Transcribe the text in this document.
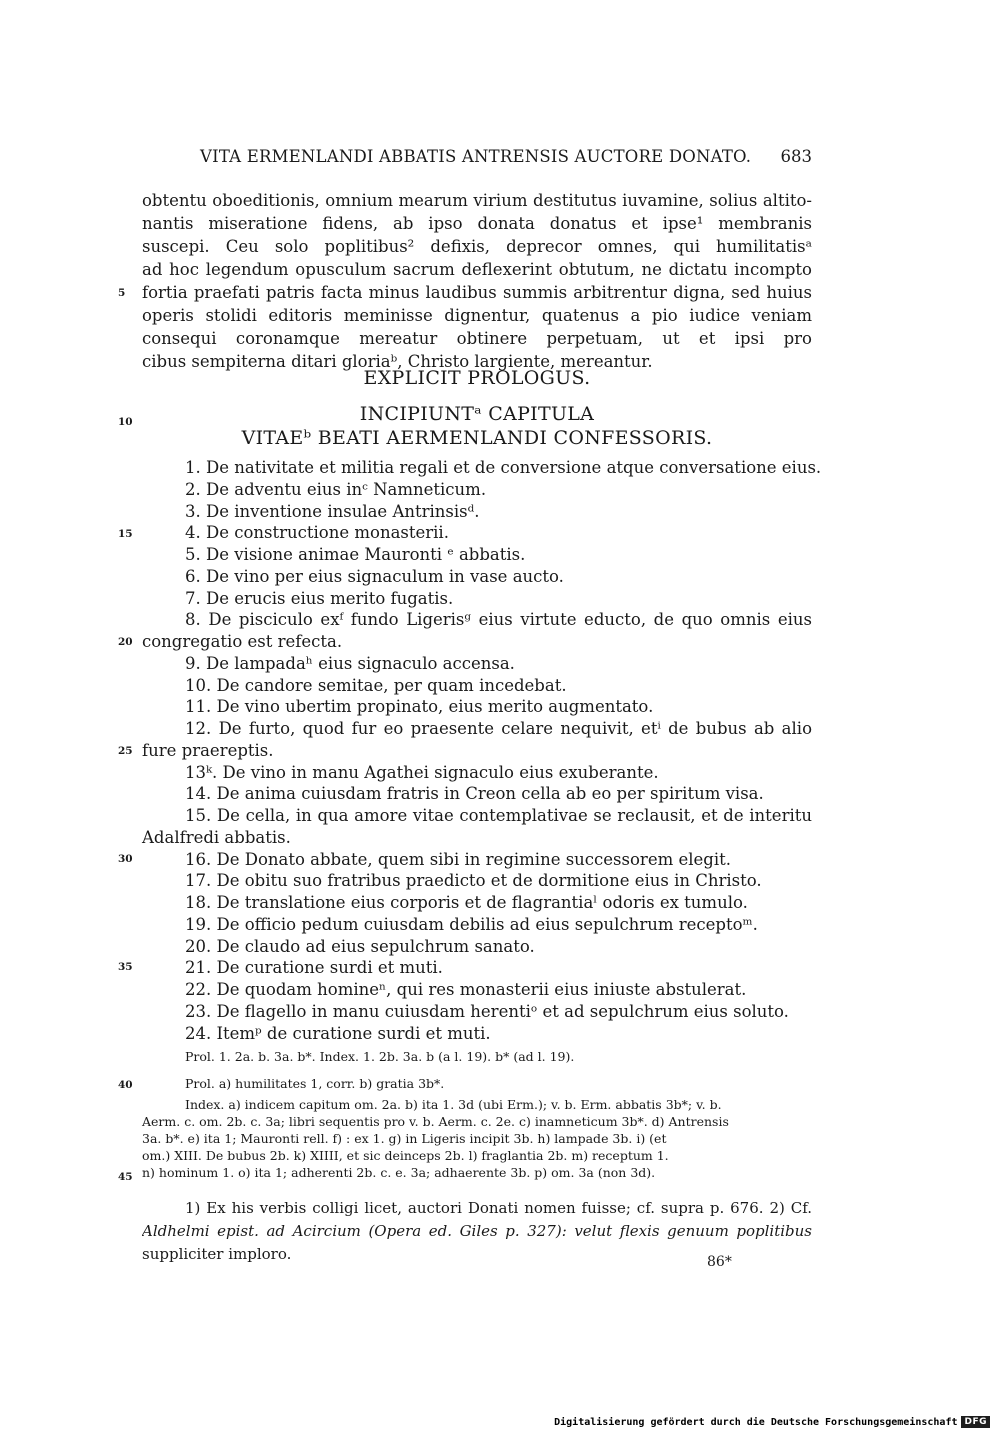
VITA ERMENLANDI ABBATIS ANTRENSIS AUCTORE DONATO. 683
obtentu oboeditionis, omnium mearum virium destitutus iuvamine, solius altito-
nantis miseratione fidens, ab ipso donata donatus et ipse¹ membranis
suscepi. Ceu solo poplitibus² defixis, deprecor omnes, qui humilitatisᵃ
ad hoc legendum opusculum sacrum deflexerint obtutum, ne dictatu incompto
fortia praefati patris facta minus laudibus summis arbitrentur digna, sed huius
operis stolidi editoris meminisse dignentur, quatenus a pio iudice veniam
consequi coronamque mereatur obtinere perpetuam, ut et ipsi pro
cibus sempiterna ditari gloriaᵇ, Christo largiente, mereantur.
EXPLICIT PROLOGUS.
INCIPIUNTᵃ CAPITULA
VITAEᵇ BEATI AERMENLANDI CONFESSORIS.
1. De nativitate et militia regali et de conversione atque conversatione eius.
2. De adventu eius inᶜ Namneticum.
3. De inventione insulae Antrinsisᵈ.
4. De constructione monasterii.
5. De visione animae Mauronti ᵉ abbatis.
6. De vino per eius signaculum in vase aucto.
7. De erucis eius merito fugatis.
8. De pisciculo exᶠ fundo Ligerisᵍ eius virtute educto, de quo omnis eius
congregatio est refecta.
9. De lampadaʰ eius signaculo accensa.
10. De candore semitae, per quam incedebat.
11. De vino ubertim propinato, eius merito augmentato.
12. De furto, quod fur eo praesente celare nequivit, etⁱ de bubus ab alio
fure praereptis.
13ᵏ. De vino in manu Agathei signaculo eius exuberante.
14. De anima cuiusdam fratris in Creon cella ab eo per spiritum visa.
15. De cella, in qua amore vitae contemplativae se reclausit, et de interitu
Adalfredi abbatis.
16. De Donato abbate, quem sibi in regimine successorem elegit.
17. De obitu suo fratribus praedicto et de dormitione eius in Christo.
18. De translatione eius corporis et de flagrantiaˡ odoris ex tumulo.
19. De officio pedum cuiusdam debilis ad eius sepulchrum receptoᵐ.
20. De claudo ad eius sepulchrum sanato.
21. De curatione surdi et muti.
22. De quodam homineⁿ, qui res monasterii eius iniuste abstulerat.
23. De flagello in manu cuiusdam herentiᵒ et ad sepulchrum eius soluto.
24. Itemᵖ de curatione surdi et muti.
Prol. 1. 2a. b. 3a. b*. Index. 1. 2b. 3a. b (a l. 19). b* (ad l. 19).
Prol. a) humilitates 1, corr. b) gratia 3b*.
Index. a) indicem capitum om. 2a. b) ita 1. 3d (ubi Erm.); v. b. Erm. abbatis 3b*; v. b.
Aerm. c. om. 2b. c. 3a; libri sequentis pro v. b. Aerm. c. 2e. c) inamneticum 3b*. d) Antrensis
3a. b*. e) ita 1; Mauronti rell. f) : ex 1. g) in Ligeris incipit 3b. h) lampade 3b. i) (et
om.) XIII. De bubus 2b. k) XIIII, et sic deinceps 2b. l) fraglantia 2b. m) receptum 1.
n) hominum 1. o) ita 1; adherenti 2b. c. e. 3a; adhaerente 3b. p) om. 3a (non 3d).
1) Ex his verbis colligi licet, auctori Donati nomen fuisse; cf. supra p. 676. 2) Cf.
Aldhelmi epist. ad Acircium (Opera ed. Giles p. 327): velut flexis genuum poplitibus
suppliciter imploro.
5
10
15
20
25
30
35
40
45
86*
Digitalisierung gefördert durch die Deutsche Forschungsgemeinschaft DFG
